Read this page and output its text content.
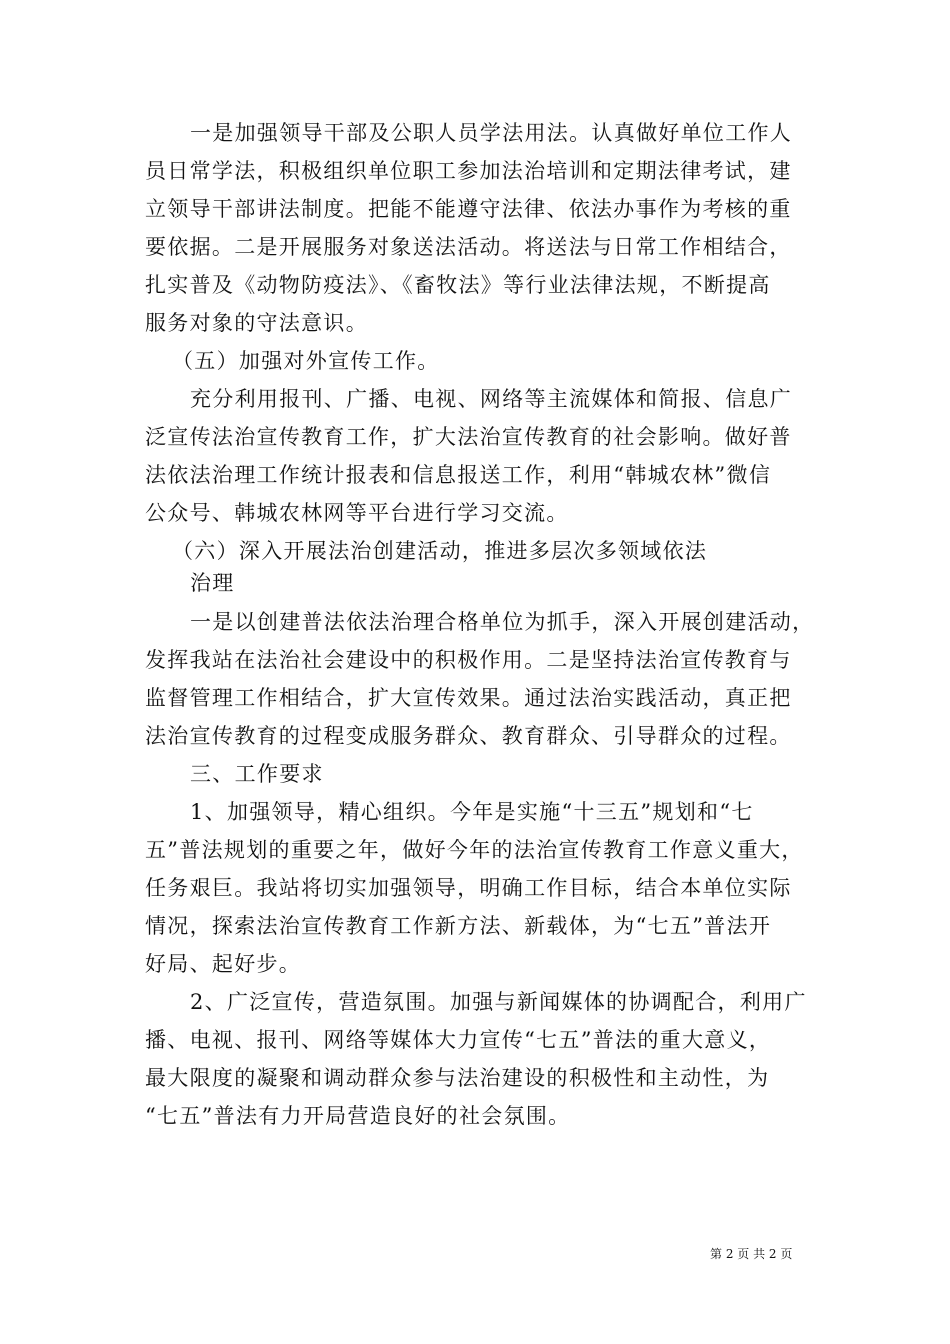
一是加强领导干部及公职人员学法用法。认真做好单位工作人
员日常学法，积极组织单位职工参加法治培训和定期法律考试，建
立领导干部讲法制度。把能不能遵守法律、依法办事作为考核的重
要依据。二是开展服务对象送法活动。将送法与日常工作相结合，
扎实普及《动物防疫法》、《畜牧法》等行业法律法规，不断提高
服务对象的守法意识。
（五）加强对外宣传工作。
充分利用报刊、广播、电视、网络等主流媒体和简报、信息广
泛宣传法治宣传教育工作，扩大法治宣传教育的社会影响。做好普
法依法治理工作统计报表和信息报送工作，利用“韩城农林”微信
公众号、韩城农林网等平台进行学习交流。
（六）深入开展法治创建活动，推进多层次多领域依法
治理
一是以创建普法依法治理合格单位为抓手，深入开展创建活动，
发挥我站在法治社会建设中的积极作用。二是坚持法治宣传教育与
监督管理工作相结合，扩大宣传效果。通过法治实践活动，真正把
法治宣传教育的过程变成服务群众、教育群众、引导群众的过程。
三、工作要求
1、加强领导，精心组织。今年是实施“十三五”规划和“七
五”普法规划的重要之年，做好今年的法治宣传教育工作意义重大，
任务艰巨。我站将切实加强领导，明确工作目标，结合本单位实际
情况，探索法治宣传教育工作新方法、新载体，为“七五”普法开
好局、起好步。
2、广泛宣传，营造氛围。加强与新闻媒体的协调配合，利用广
播、电视、报刊、网络等媒体大力宣传“七五”普法的重大意义，
最大限度的凝聚和调动群众参与法治建设的积极性和主动性，为
“七五”普法有力开局营造良好的社会氛围。
第 2 页 共 2 页
